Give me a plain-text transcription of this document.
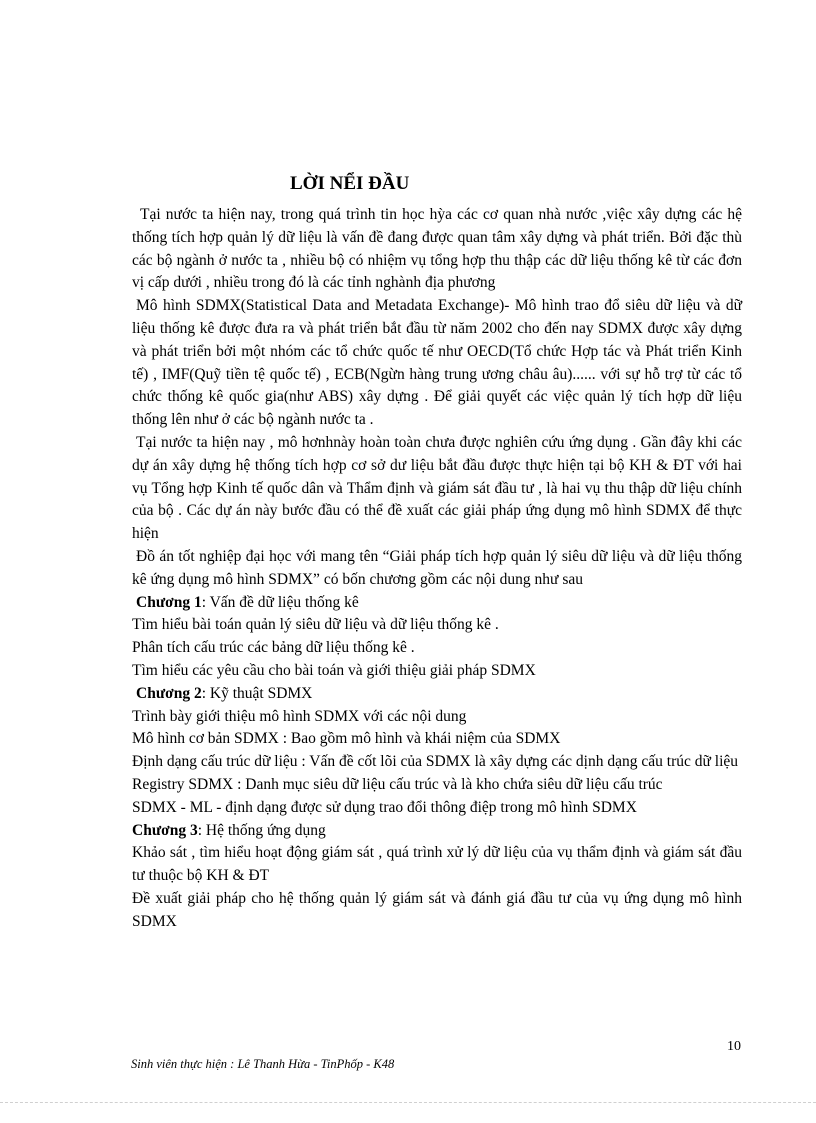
LỜI NỂI ĐẦU

Tại nước ta hiện nay, trong quá trình tin học hỳa các cơ quan nhà nước ,việc xây dựng các hệ thống tích hợp quản lý dữ liệu là vấn đề đang được quan tâm xây dựng và phát triển. Bởi đặc thù các bộ ngành ở nước ta , nhiều bộ có nhiệm vụ tổng hợp thu thập các dữ liệu thống kê từ các đơn vị cấp dưới , nhiều trong đó là các tỉnh nghành địa phương

Mô hình SDMX(Statistical Data and Metadata Exchange)- Mô hình trao đổ siêu dữ liệu và dữ liệu thống kê được đưa ra và phát triển bắt đầu từ năm 2002 cho đến nay SDMX được xây dựng và phát triển bởi một nhóm các tổ chức quốc tế như OECD(Tổ chức Hợp tác và Phát triển Kinh tế) , IMF(Quỹ tiền tệ quốc tế) , ECB(Ngừn hàng trung ương châu âu)...... với sự hỗ trợ từ các tổ chức thống kê quốc gia(như ABS) xây dựng . Để giải quyết các việc quản lý tích hợp dữ liệu thống lên như ở các bộ ngành nước ta .

Tại nước ta hiện nay , mô hơnhnày hoàn toàn chưa được nghiên cứu ứng dụng . Gần đây khi các dự án xây dựng hệ thống tích hợp cơ sở dư liệu bắt đầu được thực hiện tại bộ KH & ĐT với hai vụ Tổng hợp Kinh tế quốc dân và Thẩm định và giám sát đầu tư , là hai vụ thu thập dữ liệu chính của bộ . Các dự án này bước đầu có thể đề xuất các giải pháp ứng dụng mô hình SDMX để thực hiện

Đồ án tốt nghiệp đại học với mang tên “Giải pháp tích hợp quản lý siêu dữ liệu và dữ liệu thống kê ứng dụng mô hình SDMX” có bốn chương gồm các nội dung như sau

Chương 1: Vấn đề dữ liệu thống kê

Tìm hiểu bài toán quản lý siêu dữ liệu và dữ liệu thống kê .

Phân tích cấu trúc các bảng dữ liệu thống kê .

Tìm hiểu các yêu cầu cho bài toán và giới thiệu giải pháp SDMX

Chương 2: Kỹ thuật SDMX

Trình bày giới thiệu mô hình SDMX với các nội dung

Mô hình cơ bản SDMX : Bao gồm mô hình và khái niệm của SDMX

Định dạng cấu trúc dữ liệu : Vấn đề cốt lõi của SDMX là xây dựng các dịnh dạng cấu trúc dữ liệu

Registry SDMX : Danh mục siêu dữ liệu cấu trúc và là kho chứa siêu dữ liệu cấu trúc

SDMX - ML - định dạng được sử dụng trao đổi thông điệp trong mô hình SDMX

Chương 3: Hệ thống ứng dụng

Khảo sát , tìm hiểu hoạt động giám sát , quá trình xử lý dữ liệu của vụ thẩm định và giám sát đầu tư thuộc bộ KH & ĐT

Đề xuất giải pháp cho hệ thống quản lý giám sát và đánh giá đầu tư của vụ ứng dụng mô hình SDMX

10
Sinh viên thực hiện : Lê Thanh Hừa - TinPhốp - K48
